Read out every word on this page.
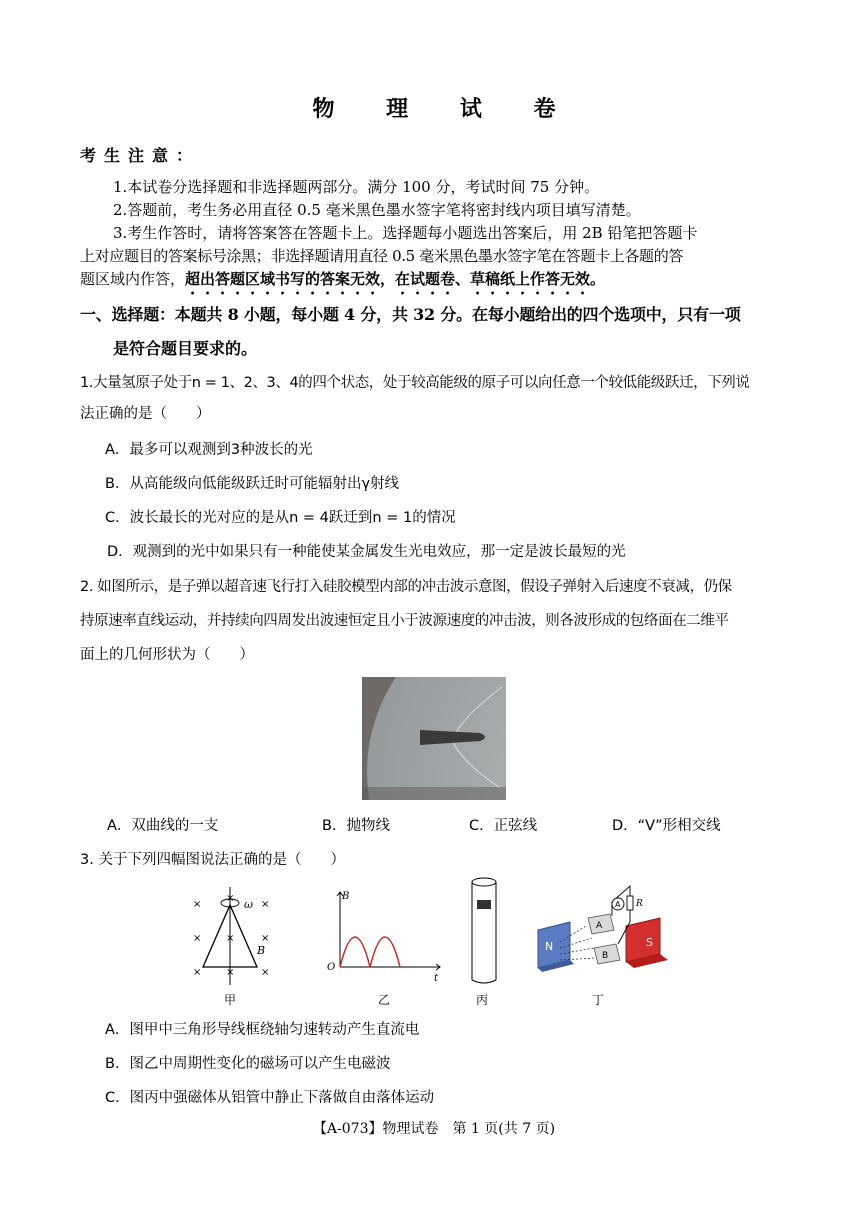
物 理 试 卷
考生注意：
1.本试卷分选择题和非选择题两部分。满分 100 分，考试时间 75 分钟。
2.答题前，考生务必用直径 0.5 毫米黑色墨水签字笔将密封线内项目填写清楚。
3.考生作答时，请将答案答在答题卡上。选择题每小题选出答案后，用 2B 铅笔把答题卡
上对应题目的答案标号涂黑；非选择题请用直径 0.5 毫米黑色墨水签字笔在答题卡上各题的答
题区域内作答，超出答题区域书写的答案无效，在试题卷、草稿纸上作答无效。
一、选择题：本题共 8 小题，每小题 4 分，共 32 分。在每小题给出的四个选项中，只有一项
是符合题目要求的。
1.大量氢原子处于n = 1、2、3、4的四个状态，处于较高能级的原子可以向任意一个较低能级跃迁，下列说
法正确的是（　　）
A．最多可以观测到3种波长的光
B．从高能级向低能级跃迁时可能辐射出γ射线
C．波长最长的光对应的是从n = 4跃迁到n = 1的情况
D．观测到的光中如果只有一种能使某金属发生光电效应，那一定是波长最短的光
2. 如图所示，是子弹以超音速飞行打入硅胶模型内部的冲击波示意图，假设子弹射入后速度不衰减，仍保
持原速率直线运动，并持续向四周发出波速恒定且小于波源速度的冲击波，则各波形成的包络面在二维平
面上的几何形状为（　　）
A．双曲线的一支	B．抛物线	C．正弦线	D．“V”形相交线
3. 关于下列四幅图说法正确的是（　　）
×
×
×
×
×
×
×
×
×
ω
B
甲
B
O
t
乙	丙
N	S
A
B
A R
丁
A．图甲中三角形导线框绕轴匀速转动产生直流电
B．图乙中周期性变化的磁场可以产生电磁波
C．图丙中强磁体从铝管中静止下落做自由落体运动
【A-073】物理试卷　第 1 页(共 7 页)
